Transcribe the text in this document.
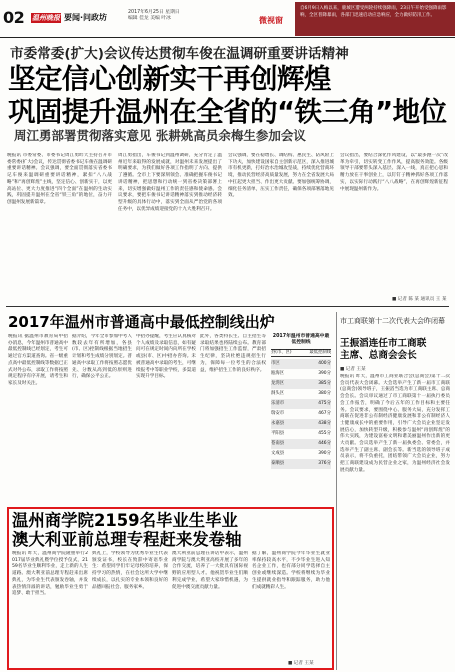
02 温州晚报 要闻·问政坊
2017年6月25日 星期日
编辑 佳龙 美编 叶冰	微视窗
自6月9日入梅以来，鹿城区遭受两轮持续强降雨，23日午开始受强降雨影响，全区普降暴雨，各部门迅速启动应急响应，全力做好防汛工作。
市委常委(扩大)会议传达贯彻车俊在温调研重要讲话精神
坚定信心创新实干再创辉煌
巩固提升温州在全省的“铁三角”地位
周江勇部署贯彻落实意见 张耕姚高员余梅生参加会议
晚报讯 市委常委、市委书记周江勇昨天主持召开市委常委(扩大)会议，传达贯彻省委书记车俊在温调研重要讲话精神。会议强调，要全面贯彻落实省委书记车俊来温调研重要讲话精神，紧扣“八八战略”和“再创辉煌”主线，坚定信心、创新实干，以更高站位、更大力度推进“四个全面”在温州的生动实践，巩固提升温州在全省“铁三角”的地位，奋力开创温州发展新篇章。
周江勇指出，车俊书记到温州调研，充分肯定了温州近年来取得的发展成就，对温州未来发展提出了明确要求，为我们做好各项工作指明了方向、提供了遵循。全市上下要深刻领会、准确把握车俊书记讲话精神，把思想和行动统一到省委决策部署上来，切实增强做好温州工作的责任感和使命感。会议要求，要把车俊书记讲话精神落实到推动经济转型升级的具体行动中，落实到全面从严治党的各项任务中，以优异成绩迎接党的十九大胜利召开。
会议强调，要在稳增长、调结构、惠民生、防风险上下功夫，加快建设国家自主创新示范区，深入推进城市有机更新，打好治水治城攻坚战，持续优化营商环境，推动民营经济高质量发展，努力在全省发展大局中扛起更大担当、作出更大贡献。要加强统筹协调，细化任务清单，压实工作责任，确保各项部署落地见效。
会议指出，要结合深化作风建设，以“最多跑一次”改革为牵引，切实转变工作作风，提高服务效能。各级领导干部要带头深入基层、深入一线，真正把心思和精力放在干事创业上，以钉钉子精神抓好各项工作落实，以实际行动践行“八八战略”，在再创辉煌新征程中展现温州新作为。
■ 记者 陈 某 通讯员 王 某
2017年温州市普通高中最低控制线出炉
晚报讯 据温州市教育局中招办消息，今年温州市普通高中最低控制线已经划定，考生可通过官方渠道查询。省一级重点高中最低控制线等数据已正式对外公布，录取工作将按照规定程序有序开展，请考生和家长及时关注。
据介绍，今年全市参加中考人数较去年有所增加，各县(市、区)控制线根据当地招生计划和考生成绩分别划定。普通高中录取工作将按照志愿优先、分数从高到低的原则进行，确保公平公正。
中招办提醒，考生应认真核对个人成绩及录取信息，如有疑问可在规定时间内向所在学校或县(市、区)中招办咨询。未被普通高中录取的考生，可继续报考中等职业学校，多渠道实现升学目标。
此外，各类特长生、自主招生等录取结果也将陆续公布。教育部门将加强招生工作监督，严肃招生纪律，坚决杜绝违规招生行为，保障每一位考生的合法权益，维护招生工作的良好秩序。
2017年温州市普通高中最低控制线
县(市、区)	最低控制线
市区	400分
瓯海区	390分
龙湾区	385分
洞头区	380分
乐清市	475分
瑞安市	467分
永嘉县	438分
平阳县	455分
苍南县	446分
文成县	390分
泰顺县	376分
市工商联第十二次代表大会昨闭幕
王振滔连任市工商联
主席、总商会会长
■ 记者 王某
晚报讯 昨天，温州市工商业联合会(总商会)第十二次会员代表大会闭幕。大会选举产生了新一届市工商联(总商会)领导班子，王振滔当选为市工商联主席、总商会会长。会议审议通过了市工商联第十一届执行委员会工作报告，明确了今后五年的工作目标和主要任务。会议要求，要围绕中心、服务大局，充分发挥工商联在促进非公有制经济健康发展和非公有制经济人士健康成长中的重要作用，引导广大会员企业坚定发展信心，加快转型升级，积极参与温州“再创辉煌”的伟大实践，为建设富裕文明和谐美丽温州作出新的更大贡献。会议选举产生了新一届执委会、常委会，并选举产生了副主席、副会长等。新当选的领导班子成员表示，将不负重托，团结带领广大会员企业，努力把工商联建设成为民营企业之家，为温州经济社会发展贡献力量。
温州商学院2159名毕业生毕业
澳大利亚前总理专程赶来发卷轴
晚报讯 昨天，温州商学院隆重举行2017届毕业典礼暨学位授予仪式，2159名毕业生顺利毕业，走上新的人生道路。澳大利亚前总理专程赶来出席典礼，为毕业生代表颁发卷轴，并发表热情洋溢的讲话，勉励毕业生勇于追梦、敢于担当。
典礼上，学校领导为优秀毕业生代表颁发证书，校长在致辞中寄语毕业生：希望同学们牢记母校的培养，保持学习的热情，在社会这所大学中继续成长，以扎实的专业本领和良好的品德回报社会、服务家乡。
澳大利亚前总理在讲话中表示，温州商学院与澳大利亚高校开展了多年的合作交流，培养了一大批具有国际视野的应用型人才。他祝贺毕业生们顺利完成学业，希望大家珍惜机遇，为促进中澳交流贡献力量。
据了解，温州商学院今年毕业生就业率保持较高水平，不少毕业生进入知名企业工作，也有部分同学选择自主创业或继续深造。学校将继续为毕业生提供就业指导和跟踪服务，助力他们成就精彩人生。
■ 记者 王某
